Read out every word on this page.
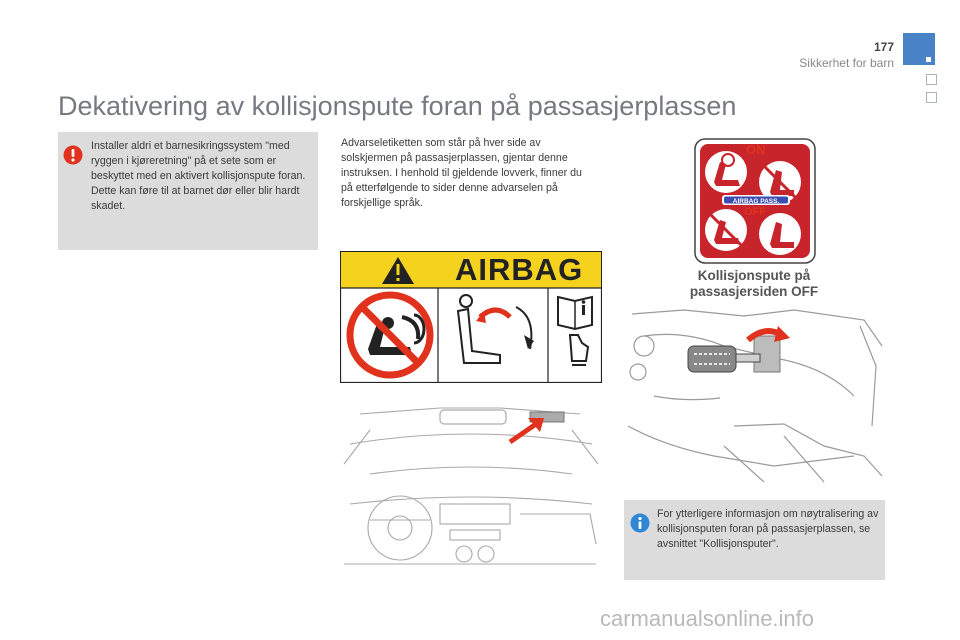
177
Sikkerhet for barn
Dekativering av kollisjonspute foran på passasjerplassen
Installer aldri et barnesikringssystem "med ryggen i kjøreretning" på et sete som er beskyttet med en aktivert kollisjonspute foran. Dette kan føre til at barnet dør eller blir hardt skadet.
Advarseletiketten som står på hver side av solskjermen på passasjerplassen, gjentar denne instruksen. I henhold til gjeldende lovverk, finner du på etterfølgende to sider denne advarselen på forskjellige språk.
AIRBAG
ON
AIRBAG PASS.
OFF
Kollisjonspute på
passasjersiden OFF
For ytterligere informasjon om nøytralisering av kollisjonsputen foran på passasjerplassen, se avsnittet "Kollisjonsputer".
carmanualsonline.info
